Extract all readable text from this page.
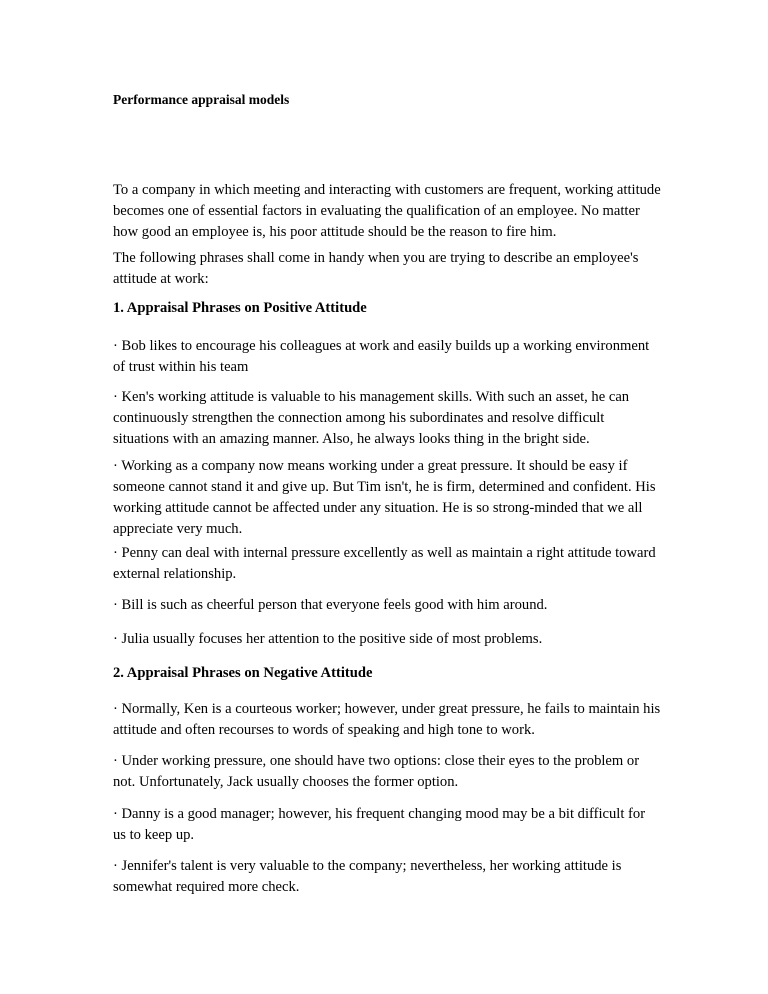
Performance appraisal models

To a company in which meeting and interacting with customers are frequent, working attitude becomes one of essential factors in evaluating the qualification of an employee. No matter how good an employee is, his poor attitude should be the reason to fire him.

The following phrases shall come in handy when you are trying to describe an employee's attitude at work:

1. Appraisal Phrases on Positive Attitude

· Bob likes to encourage his colleagues at work and easily builds up a working environment of trust within his team

· Ken's working attitude is valuable to his management skills. With such an asset, he can continuously strengthen the connection among his subordinates and resolve difficult situations with an amazing manner. Also, he always looks thing in the bright side.

· Working as a company now means working under a great pressure. It should be easy if someone cannot stand it and give up. But Tim isn't, he is firm, determined and confident. His working attitude cannot be affected under any situation. He is so strong-minded that we all appreciate very much.

· Penny can deal with internal pressure excellently as well as maintain a right attitude toward external relationship.

· Bill is such as cheerful person that everyone feels good with him around.

· Julia usually focuses her attention to the positive side of most problems.

2. Appraisal Phrases on Negative Attitude

· Normally, Ken is a courteous worker; however, under great pressure, he fails to maintain his attitude and often recourses to words of speaking and high tone to work.

· Under working pressure, one should have two options: close their eyes to the problem or not. Unfortunately, Jack usually chooses the former option.

· Danny is a good manager; however, his frequent changing mood may be a bit difficult for us to keep up.

· Jennifer's talent is very valuable to the company; nevertheless, her working attitude is somewhat required more check.
